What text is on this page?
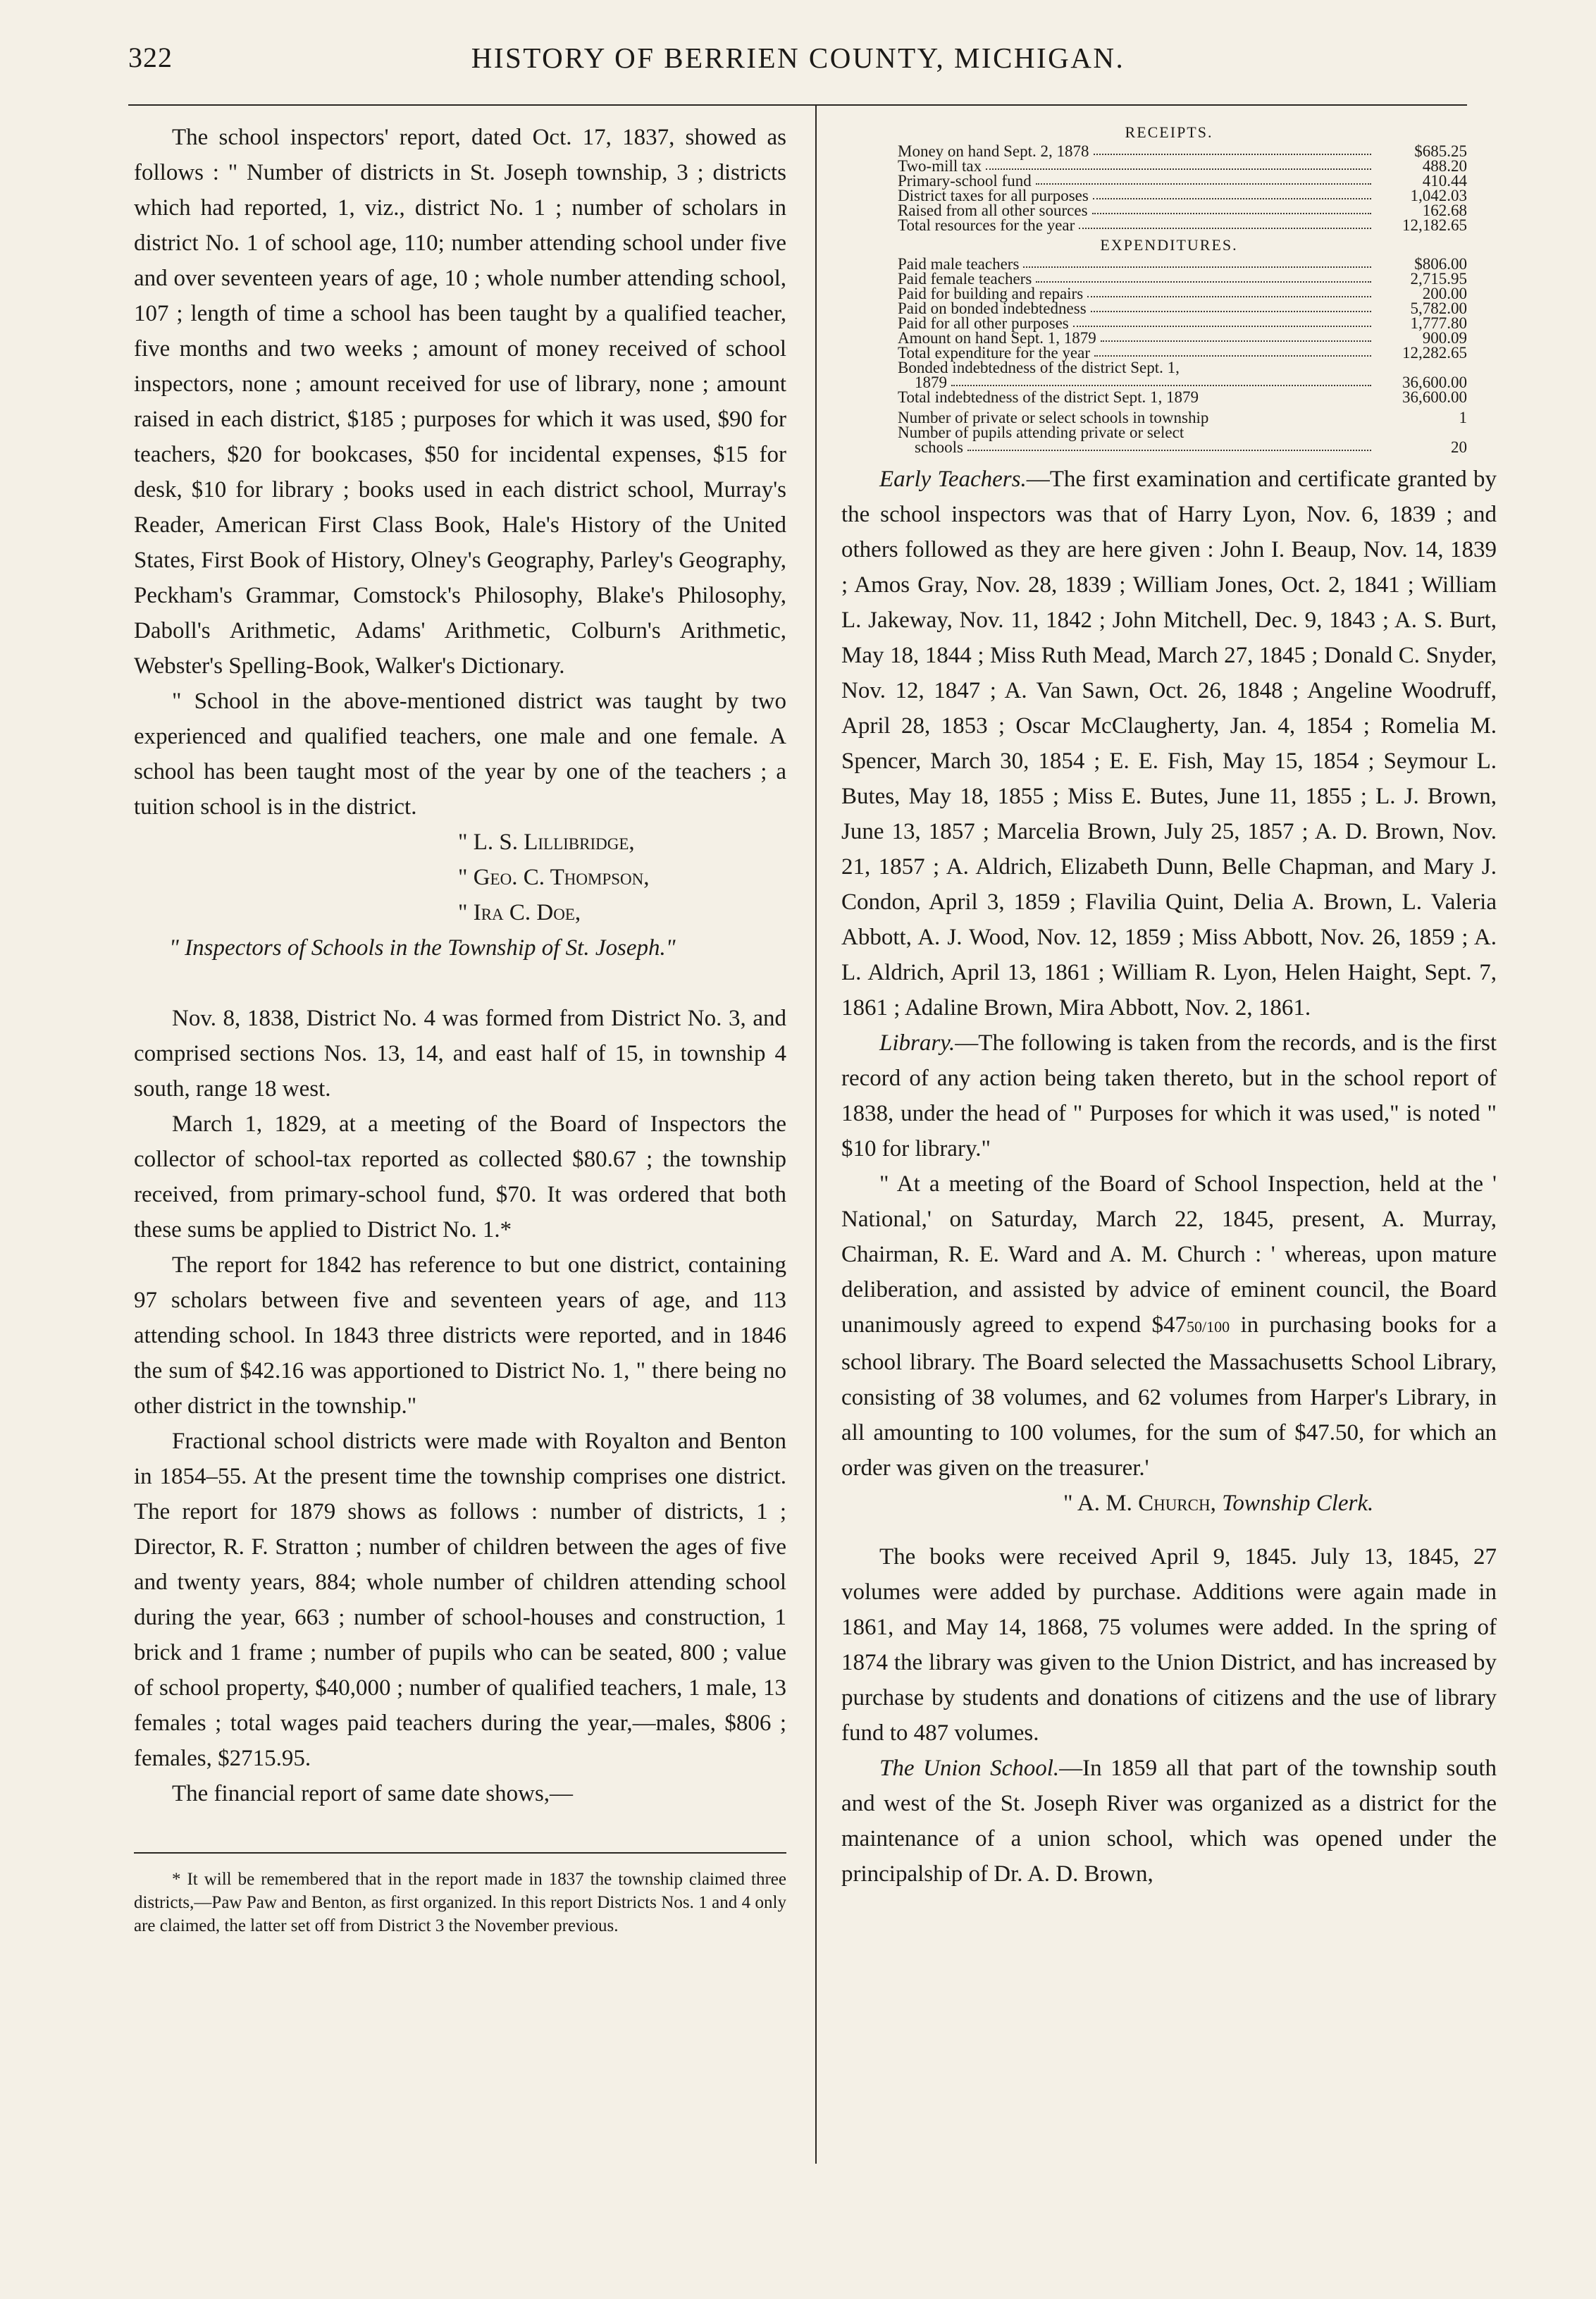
322	HISTORY OF BERRIEN COUNTY, MICHIGAN.

The school inspectors' report, dated Oct. 17, 1837, showed as follows : " Number of districts in St. Joseph township, 3 ; districts which had reported, 1, viz., district No. 1 ; number of scholars in district No. 1 of school age, 110; number attending school under five and over seventeen years of age, 10 ; whole number attending school, 107 ; length of time a school has been taught by a qualified teacher, five months and two weeks ; amount of money received of school inspectors, none ; amount received for use of library, none ; amount raised in each district, $185 ; purposes for which it was used, $90 for teachers, $20 for bookcases, $50 for incidental expenses, $15 for desk, $10 for library ; books used in each district school, Murray's Reader, American First Class Book, Hale's History of the United States, First Book of History, Olney's Geography, Parley's Geography, Peckham's Grammar, Comstock's Philosophy, Blake's Philosophy, Daboll's Arithmetic, Adams' Arithmetic, Colburn's Arithmetic, Webster's Spelling-Book, Walker's Dictionary.

" School in the above-mentioned district was taught by two experienced and qualified teachers, one male and one female. A school has been taught most of the year by one of the teachers ; a tuition school is in the district.

" L. S. Lillibridge,
" Geo. C. Thompson,
" Ira C. Doe,
" Inspectors of Schools in the Township of St. Joseph."

Nov. 8, 1838, District No. 4 was formed from District No. 3, and comprised sections Nos. 13, 14, and east half of 15, in township 4 south, range 18 west.

March 1, 1829, at a meeting of the Board of Inspectors the collector of school-tax reported as collected $80.67 ; the township received, from primary-school fund, $70. It was ordered that both these sums be applied to District No. 1.*

The report for 1842 has reference to but one district, containing 97 scholars between five and seventeen years of age, and 113 attending school. In 1843 three districts were reported, and in 1846 the sum of $42.16 was apportioned to District No. 1, " there being no other district in the township."

Fractional school districts were made with Royalton and Benton in 1854–55. At the present time the township comprises one district. The report for 1879 shows as follows : number of districts, 1 ; Director, R. F. Stratton ; number of children between the ages of five and twenty years, 884; whole number of children attending school during the year, 663 ; number of school-houses and construction, 1 brick and 1 frame ; number of pupils who can be seated, 800 ; value of school property, $40,000 ; number of qualified teachers, 1 male, 13 females ; total wages paid teachers during the year,—males, $806 ; females, $2715.95.

The financial report of same date shows,—

* It will be remembered that in the report made in 1837 the township claimed three districts,—Paw Paw and Benton, as first organized. In this report Districts Nos. 1 and 4 only are claimed, the latter set off from District 3 the November previous.

RECEIPTS.
Money on hand Sept. 2, 1878	$685.25
Two-mill tax	488.20
Primary-school fund	410.44
District taxes for all purposes	1,042.03
Raised from all other sources	162.68
Total resources for the year	12,182.65
EXPENDITURES.
Paid male teachers	$806.00
Paid female teachers	2,715.95
Paid for building and repairs	200.00
Paid on bonded indebtedness	5,782.00
Paid for all other purposes	1,777.80
Amount on hand Sept. 1, 1879	900.09
Total expenditure for the year	12,282.65
Bonded indebtedness of the district Sept. 1,
1879	36,600.00
Total indebtedness of the district Sept. 1, 1879	36,600.00
Number of private or select schools in township	1
Number of pupils attending private or select
schools	20

Early Teachers.—The first examination and certificate granted by the school inspectors was that of Harry Lyon, Nov. 6, 1839 ; and others followed as they are here given : John I. Beaup, Nov. 14, 1839 ; Amos Gray, Nov. 28, 1839 ; William Jones, Oct. 2, 1841 ; William L. Jakeway, Nov. 11, 1842 ; John Mitchell, Dec. 9, 1843 ; A. S. Burt, May 18, 1844 ; Miss Ruth Mead, March 27, 1845 ; Donald C. Snyder, Nov. 12, 1847 ; A. Van Sawn, Oct. 26, 1848 ; Angeline Woodruff, April 28, 1853 ; Oscar McClaugherty, Jan. 4, 1854 ; Romelia M. Spencer, March 30, 1854 ; E. E. Fish, May 15, 1854 ; Seymour L. Butes, May 18, 1855 ; Miss E. Butes, June 11, 1855 ; L. J. Brown, June 13, 1857 ; Marcelia Brown, July 25, 1857 ; A. D. Brown, Nov. 21, 1857 ; A. Aldrich, Elizabeth Dunn, Belle Chapman, and Mary J. Condon, April 3, 1859 ; Flavilia Quint, Delia A. Brown, L. Valeria Abbott, A. J. Wood, Nov. 12, 1859 ; Miss Abbott, Nov. 26, 1859 ; A. L. Aldrich, April 13, 1861 ; William R. Lyon, Helen Haight, Sept. 7, 1861 ; Adaline Brown, Mira Abbott, Nov. 2, 1861.

Library.—The following is taken from the records, and is the first record of any action being taken thereto, but in the school report of 1838, under the head of " Purposes for which it was used," is noted " $10 for library."

" At a meeting of the Board of School Inspection, held at the ' National,' on Saturday, March 22, 1845, present, A. Murray, Chairman, R. E. Ward and A. M. Church : ' whereas, upon mature deliberation, and assisted by advice of eminent council, the Board unanimously agreed to expend $4750/100 in purchasing books for a school library. The Board selected the Massachusetts School Library, consisting of 38 volumes, and 62 volumes from Harper's Library, in all amounting to 100 volumes, for the sum of $47.50, for which an order was given on the treasurer.'

" A. M. Church, Township Clerk.

The books were received April 9, 1845. July 13, 1845, 27 volumes were added by purchase. Additions were again made in 1861, and May 14, 1868, 75 volumes were added. In the spring of 1874 the library was given to the Union District, and has increased by purchase by students and donations of citizens and the use of library fund to 487 volumes.

The Union School.—In 1859 all that part of the township south and west of the St. Joseph River was organized as a district for the maintenance of a union school, which was opened under the principalship of Dr. A. D. Brown,
